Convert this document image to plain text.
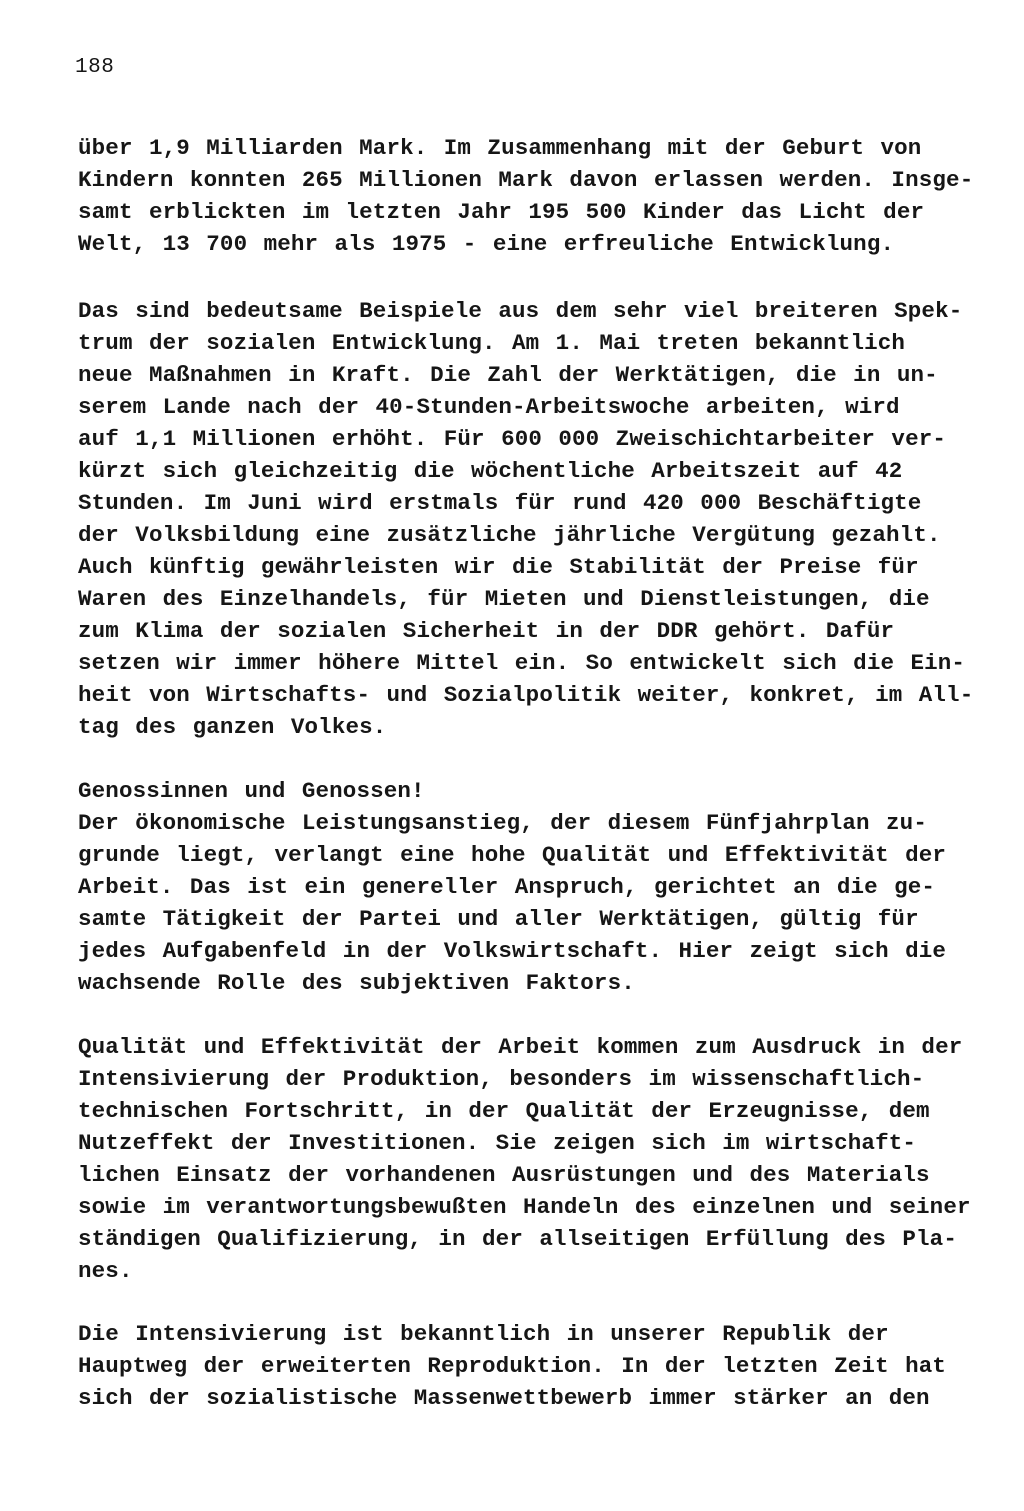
188
über 1,9 Milliarden Mark. Im Zusammenhang mit der Geburt von
Kindern konnten 265 Millionen Mark davon erlassen werden. Insge-
samt erblickten im letzten Jahr 195 500 Kinder das Licht der
Welt, 13 700 mehr als 1975 - eine erfreuliche Entwicklung.
Das sind bedeutsame Beispiele aus dem sehr viel breiteren Spek-
trum der sozialen Entwicklung. Am 1. Mai treten bekanntlich
neue Maßnahmen in Kraft. Die Zahl der Werktätigen, die in un-
serem Lande nach der 40-Stunden-Arbeitswoche arbeiten, wird
auf 1,1 Millionen erhöht. Für 600 000 Zweischichtarbeiter ver-
kürzt sich gleichzeitig die wöchentliche Arbeitszeit auf 42
Stunden. Im Juni wird erstmals für rund 420 000 Beschäftigte
der Volksbildung eine zusätzliche jährliche Vergütung gezahlt.
Auch künftig gewährleisten wir die Stabilität der Preise für
Waren des Einzelhandels, für Mieten und Dienstleistungen, die
zum Klima der sozialen Sicherheit in der DDR gehört. Dafür
setzen wir immer höhere Mittel ein. So entwickelt sich die Ein-
heit von Wirtschafts- und Sozialpolitik weiter, konkret, im All-
tag des ganzen Volkes.
Genossinnen und Genossen!
Der ökonomische Leistungsanstieg, der diesem Fünfjahrplan zu-
grunde liegt, verlangt eine hohe Qualität und Effektivität der
Arbeit. Das ist ein genereller Anspruch, gerichtet an die ge-
samte Tätigkeit der Partei und aller Werktätigen, gültig für
jedes Aufgabenfeld in der Volkswirtschaft. Hier zeigt sich die
wachsende Rolle des subjektiven Faktors.
Qualität und Effektivität der Arbeit kommen zum Ausdruck in der
Intensivierung der Produktion, besonders im wissenschaftlich-
technischen Fortschritt, in der Qualität der Erzeugnisse, dem
Nutzeffekt der Investitionen. Sie zeigen sich im wirtschaft-
lichen Einsatz der vorhandenen Ausrüstungen und des Materials
sowie im verantwortungsbewußten Handeln des einzelnen und seiner
ständigen Qualifizierung, in der allseitigen Erfüllung des Pla-
nes.
Die Intensivierung ist bekanntlich in unserer Republik der
Hauptweg der erweiterten Reproduktion. In der letzten Zeit hat
sich der sozialistische Massenwettbewerb immer stärker an den
